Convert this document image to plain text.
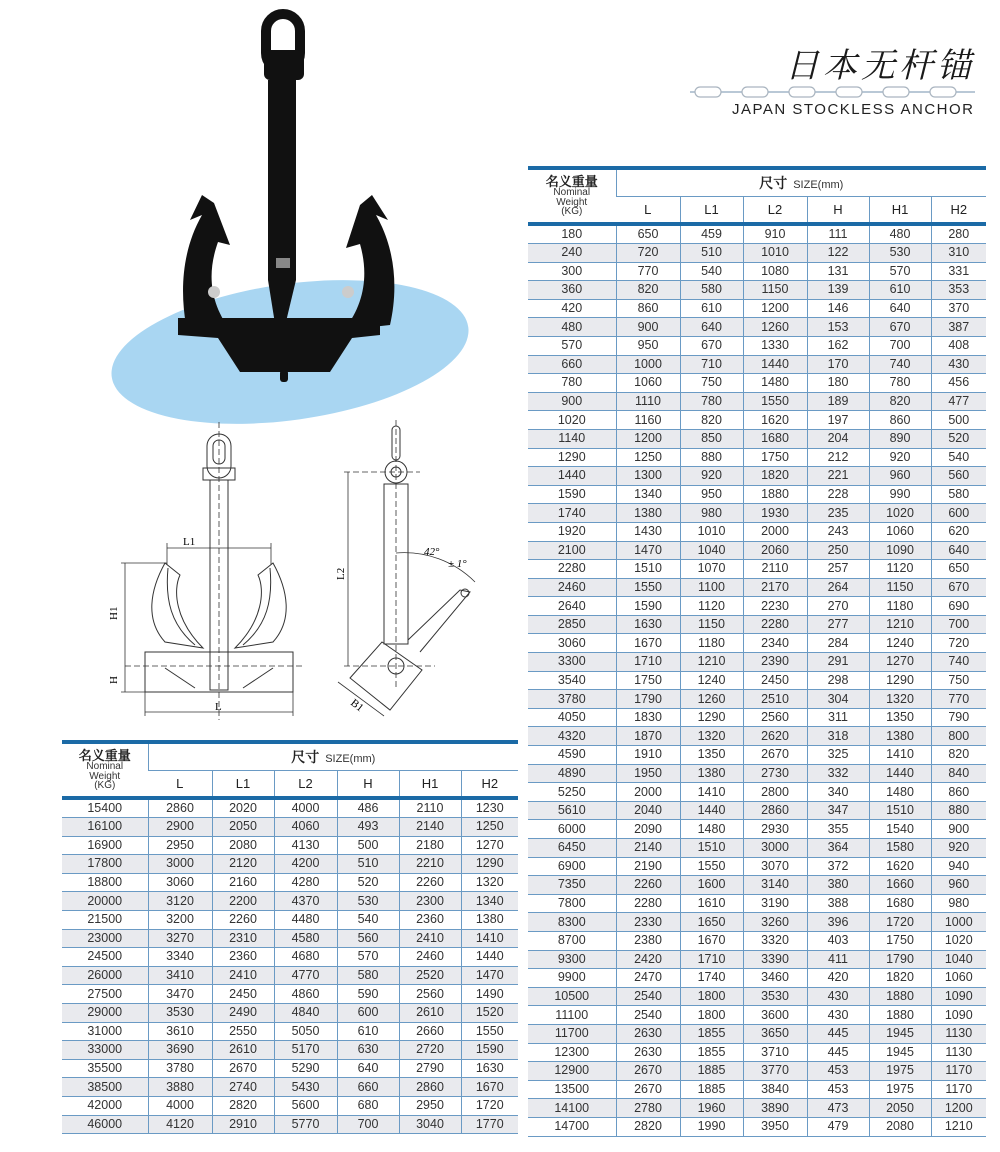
日本无杆锚
JAPAN STOCKLESS ANCHOR
L1
H1
H
L
L2
42°
± 1°
B1
名义重量
Nominal
Weight
(KG)	尺寸 SIZE(mm)					
	L	L1	L2	H	H1	H2
180	650	459	910	111	480	280
240	720	510	1010	122	530	310
300	770	540	1080	131	570	331
360	820	580	1150	139	610	353
420	860	610	1200	146	640	370
480	900	640	1260	153	670	387
570	950	670	1330	162	700	408
660	1000	710	1440	170	740	430
780	1060	750	1480	180	780	456
900	1110	780	1550	189	820	477
1020	1160	820	1620	197	860	500
1140	1200	850	1680	204	890	520
1290	1250	880	1750	212	920	540
1440	1300	920	1820	221	960	560
1590	1340	950	1880	228	990	580
1740	1380	980	1930	235	1020	600
1920	1430	1010	2000	243	1060	620
2100	1470	1040	2060	250	1090	640
2280	1510	1070	2110	257	1120	650
2460	1550	1100	2170	264	1150	670
2640	1590	1120	2230	270	1180	690
2850	1630	1150	2280	277	1210	700
3060	1670	1180	2340	284	1240	720
3300	1710	1210	2390	291	1270	740
3540	1750	1240	2450	298	1290	750
3780	1790	1260	2510	304	1320	770
4050	1830	1290	2560	311	1350	790
4320	1870	1320	2620	318	1380	800
4590	1910	1350	2670	325	1410	820
4890	1950	1380	2730	332	1440	840
5250	2000	1410	2800	340	1480	860
5610	2040	1440	2860	347	1510	880
6000	2090	1480	2930	355	1540	900
6450	2140	1510	3000	364	1580	920
6900	2190	1550	3070	372	1620	940
7350	2260	1600	3140	380	1660	960
7800	2280	1610	3190	388	1680	980
8300	2330	1650	3260	396	1720	1000
8700	2380	1670	3320	403	1750	1020
9300	2420	1710	3390	411	1790	1040
9900	2470	1740	3460	420	1820	1060
10500	2540	1800	3530	430	1880	1090
11100	2540	1800	3600	430	1880	1090
11700	2630	1855	3650	445	1945	1130
12300	2630	1855	3710	445	1945	1130
12900	2670	1885	3770	453	1975	1170
13500	2670	1885	3840	453	1975	1170
14100	2780	1960	3890	473	2050	1200
14700	2820	1990	3950	479	2080	1210
名义重量
Nominal
Weight
(KG)	尺寸 SIZE(mm)					
	L	L1	L2	H	H1	H2
15400	2860	2020	4000	486	2110	1230
16100	2900	2050	4060	493	2140	1250
16900	2950	2080	4130	500	2180	1270
17800	3000	2120	4200	510	2210	1290
18800	3060	2160	4280	520	2260	1320
20000	3120	2200	4370	530	2300	1340
21500	3200	2260	4480	540	2360	1380
23000	3270	2310	4580	560	2410	1410
24500	3340	2360	4680	570	2460	1440
26000	3410	2410	4770	580	2520	1470
27500	3470	2450	4860	590	2560	1490
29000	3530	2490	4840	600	2610	1520
31000	3610	2550	5050	610	2660	1550
33000	3690	2610	5170	630	2720	1590
35500	3780	2670	5290	640	2790	1630
38500	3880	2740	5430	660	2860	1670
42000	4000	2820	5600	680	2950	1720
46000	4120	2910	5770	700	3040	1770
